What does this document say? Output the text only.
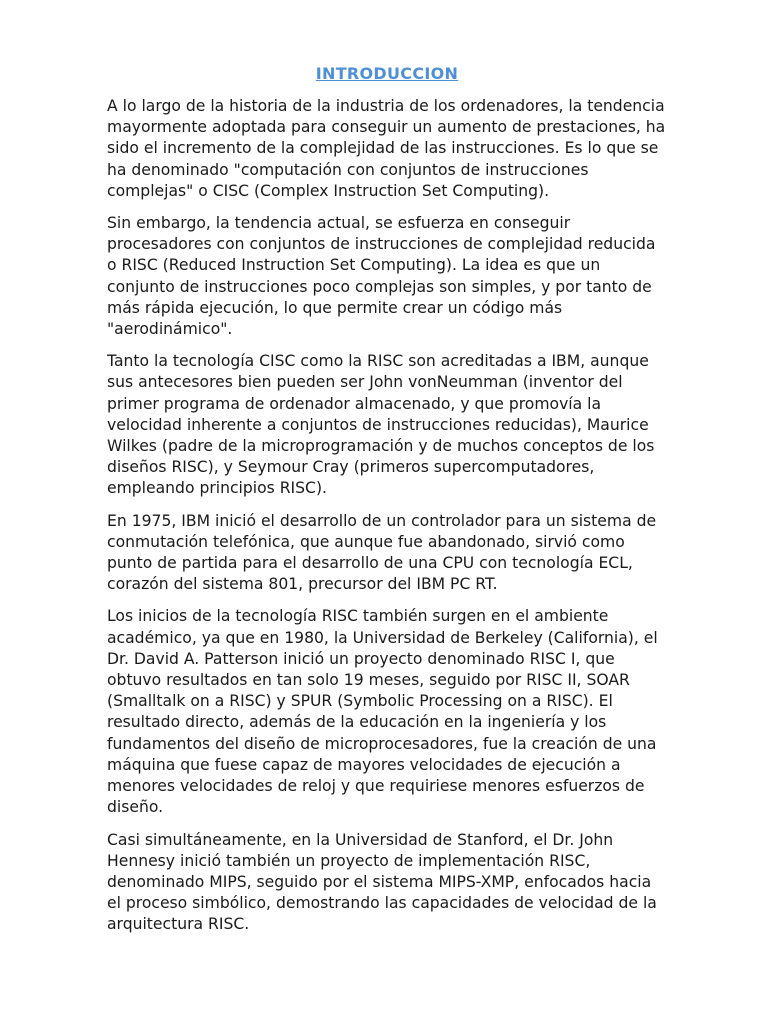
INTRODUCCION

A lo largo de la historia de la industria de los ordenadores, la tendencia mayormente adoptada para conseguir un aumento de prestaciones, ha sido el incremento de la complejidad de las instrucciones. Es lo que se ha denominado "computación con conjuntos de instrucciones complejas" o CISC (Complex Instruction Set Computing).

Sin embargo, la tendencia actual, se esfuerza en conseguir procesadores con conjuntos de instrucciones de complejidad reducida o RISC (Reduced Instruction Set Computing). La idea es que un conjunto de instrucciones poco complejas son simples, y por tanto de más rápida ejecución, lo que permite crear un código más "aerodinámico".

Tanto la tecnología CISC como la RISC son acreditadas a IBM, aunque sus antecesores bien pueden ser John vonNeumman (inventor del primer programa de ordenador almacenado, y que promovía la velocidad inherente a conjuntos de instrucciones reducidas), Maurice Wilkes (padre de la microprogramación y de muchos conceptos de los diseños RISC), y Seymour Cray (primeros supercomputadores, empleando principios RISC).

En 1975, IBM inició el desarrollo de un controlador para un sistema de conmutación telefónica, que aunque fue abandonado, sirvió como punto de partida para el desarrollo de una CPU con tecnología ECL, corazón del sistema 801, precursor del IBM PC RT.

Los inicios de la tecnología RISC también surgen en el ambiente académico, ya que en 1980, la Universidad de Berkeley (California), el Dr. David A. Patterson inició un proyecto denominado RISC I, que obtuvo resultados en tan solo 19 meses, seguido por RISC II, SOAR (Smalltalk on a RISC) y SPUR (Symbolic Processing on a RISC). El resultado directo, además de la educación en la ingeniería y los fundamentos del diseño de microprocesadores, fue la creación de una máquina que fuese capaz de mayores velocidades de ejecución a menores velocidades de reloj y que requiriese menores esfuerzos de diseño.

Casi simultáneamente, en la Universidad de Stanford, el Dr. John Hennesy inició también un proyecto de implementación RISC, denominado MIPS, seguido por el sistema MIPS-XMP, enfocados hacia el proceso simbólico, demostrando las capacidades de velocidad de la arquitectura RISC.
